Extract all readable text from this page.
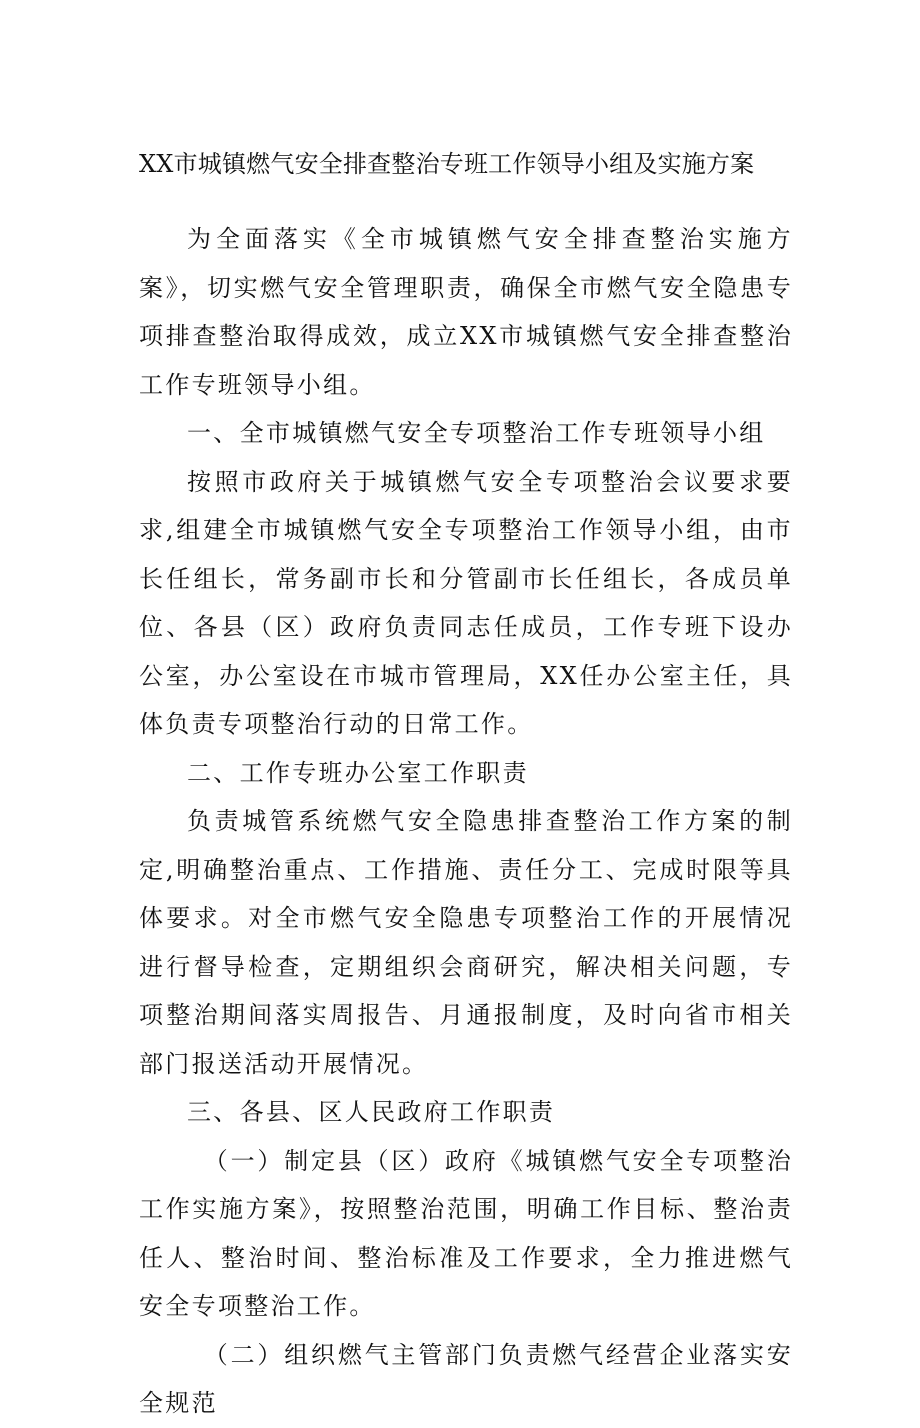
XX市城镇燃气安全排查整治专班工作领导小组及实施方案

为全面落实《全市城镇燃气安全排查整治实施方案》，切实燃气安全管理职责，确保全市燃气安全隐患专项排查整治取得成效，成立XX市城镇燃气安全排查整治工作专班领导小组。

一、全市城镇燃气安全专项整治工作专班领导小组

按照市政府关于城镇燃气安全专项整治会议要求要求,组建全市城镇燃气安全专项整治工作领导小组，由市长任组长，常务副市长和分管副市长任组长，各成员单位、各县（区）政府负责同志任成员，工作专班下设办公室，办公室设在市城市管理局，XX任办公室主任，具体负责专项整治行动的日常工作。

二、工作专班办公室工作职责

负责城管系统燃气安全隐患排查整治工作方案的制定,明确整治重点、工作措施、责任分工、完成时限等具体要求。对全市燃气安全隐患专项整治工作的开展情况进行督导检查，定期组织会商研究，解决相关问题，专项整治期间落实周报告、月通报制度，及时向省市相关部门报送活动开展情况。

三、各县、区人民政府工作职责

（一）制定县（区）政府《城镇燃气安全专项整治工作实施方案》，按照整治范围，明确工作目标、整治责任人、整治时间、整治标准及工作要求，全力推进燃气安全专项整治工作。

（二）组织燃气主管部门负责燃气经营企业落实安全规范
